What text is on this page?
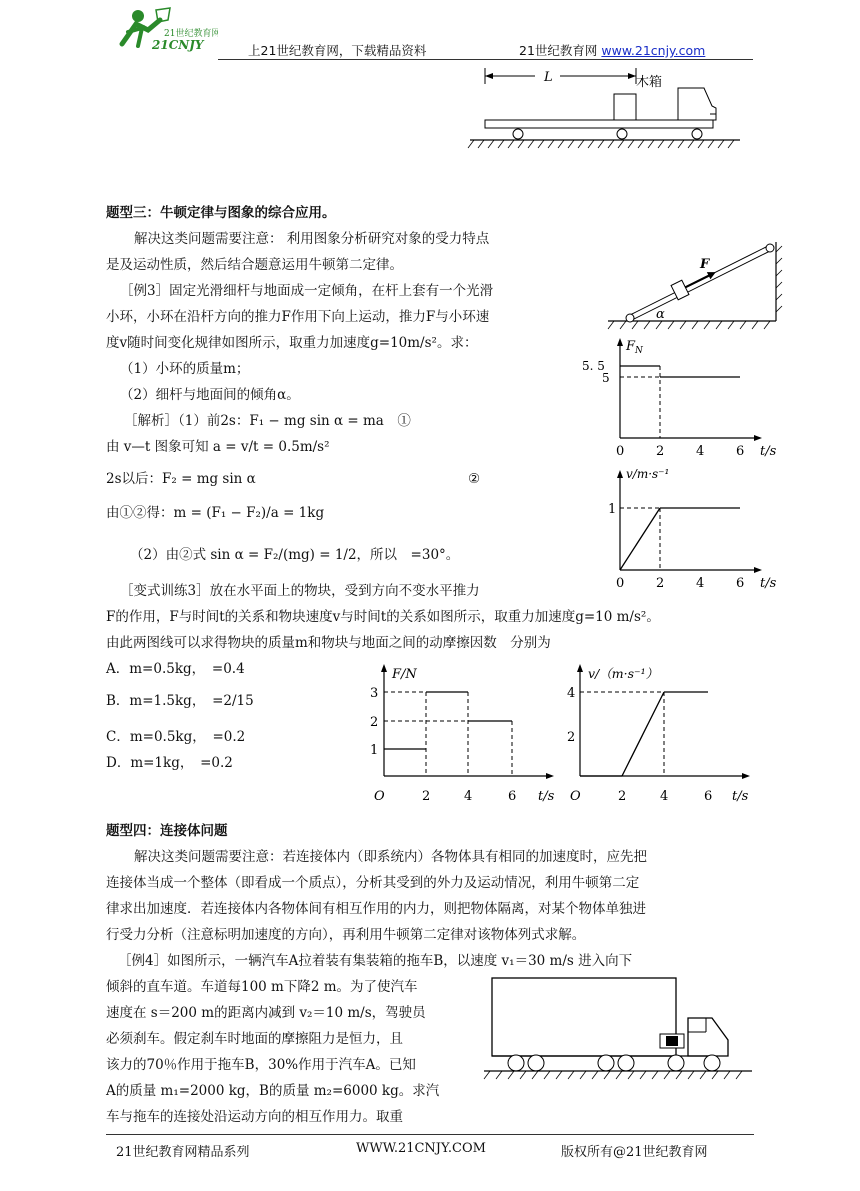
21世纪教育网
21CNJY	上21世纪教育网，下载精品资料	21世纪教育网 www.21cnjy.com
L	木箱
题型三：牛顿定律与图象的综合应用。
解决这类问题需要注意： 利用图象分析研究对象的受力特点
是及运动性质，然后结合题意运用牛顿第二定律。
［例3］固定光滑细杆与地面成一定倾角，在杆上套有一个光滑
小环，小环在沿杆方向的推力F作用下向上运动，推力F与小环速
度v随时间变化规律如图所示，取重力加速度g=10m/s²。求：
（1）小环的质量m；
（2）细杆与地面间的倾角α。
［解析］（1）前2s：F₁ − mg sin α = ma　①
由 v—t 图象可知 a = v/t = 0.5m/s²
2s以后：F₂ = mg sin α	②
由①②得：m = (F₁ − F₂)/a = 1kg
（2）由②式 sin α = F₂/(mg) = 1/2，所以　=30°。
［变式训练3］放在水平面上的物块，受到方向不变水平推力
F的作用，F与时间t的关系和物块速度v与时间t的关系如图所示，取重力加速度g=10 m/s²。
由此两图线可以求得物块的质量m和物块与地面之间的动摩擦因数　分别为
A．m=0.5kg，　=0.4
B．m=1.5kg，　=2/15
C．m=0.5kg，　=0.2
D．m=1kg，　=0.2
F
α
$F_N$
5. 5
5
0 2 4 6 t/s
v/m·s⁻¹
1
0 2 4 6 t/s
F/N
3
2
1
O	2	4	6 t/s
v/（m·s⁻¹）
4
2
O	2	4	6 t/s
题型四：连接体问题
解决这类问题需要注意：若连接体内（即系统内）各物体具有相同的加速度时，应先把
连接体当成一个整体（即看成一个质点），分析其受到的外力及运动情况，利用牛顿第二定
律求出加速度．若连接体内各物体间有相互作用的内力，则把物体隔离，对某个物体单独进
行受力分析（注意标明加速度的方向），再利用牛顿第二定律对该物体列式求解。
［例4］如图所示，一辆汽车A拉着装有集装箱的拖车B，以速度 v₁＝30 m/s 进入向下
倾斜的直车道。车道每100 m下降2 m。为了使汽车
速度在 s＝200 m的距离内减到 v₂＝10 m/s，驾驶员
必须刹车。假定刹车时地面的摩擦阻力是恒力，且
该力的70％作用于拖车B，30%作用于汽车A。已知
A的质量 m₁=2000 kg，B的质量 m₂=6000 kg。求汽
车与拖车的连接处沿运动方向的相互作用力。取重
21世纪教育网精品系列	WWW.21CNJY.COM	版权所有@21世纪教育网
